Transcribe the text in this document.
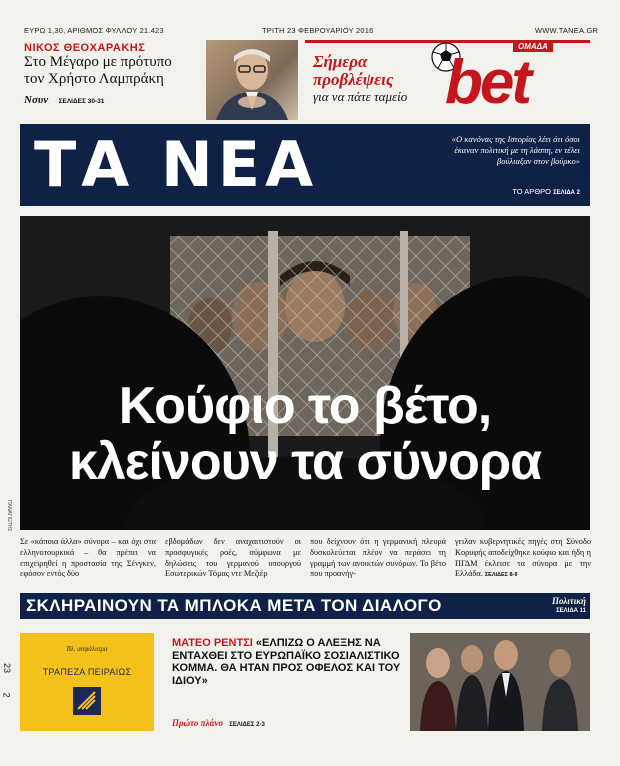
ΕΥΡΩ 1,30, ΑΡΙΘΜΟΣ ΦΥΛΛΟΥ 21.423	ΤΡΙΤΗ 23 ΦΕΒΡΟΥΑΡΙΟΥ 2016	WWW.TANEA.GR
ΝΙΚΟΣ ΘΕΟΧΑΡΑΚΗΣ
Στο Μέγαρο με πρότυπο
τον Χρήστο Λαμπράκη
Νσυν ΣΕΛΙΔΕΣ 30-31
Σήμερα
προβλέψεις
για να πάτε ταμείο
ΟΜΑΔΑ
bet
ΤΑ ΝΕΑ	«Ο κανόνας της Ιστορίας λέει ότι όσοι έκαναν πολιτική με τη λάσπη, εν τέλει βούλιαξαν στον βούρκο»
ΤΟ ΑΡΘΡΟ ΣΕΛΙΔΑ 2
Κούφιο το βέτο,
κλείνουν τα σύνορα
ΠΑΝΑΓΙΩΤΗΣ
Σε «κάποια άλλα» σύνορα – και όχι στα ελληνοτουρκικά – θα πρέπει να επιχειρηθεί η προστασία της Σένγκεν, εφόσον εντός δύο
εβδομάδων δεν αναχαιτιστούν οι προσφυγικές ροές, σύμφωνα με δηλώσεις του γερμανού υπουργού Εσωτερικών Τόμας ντε Μεζιέρ
που δείχνουν ότι η γερμανική πλευρά δυσκολεύεται πλέον να περάσει τη γραμμή των ανοικτών συνόρων. Το βέτο που προανήγ-
γειλαν κυβερνητικές πηγές στη Σύνοδο Κορυφής αποδείχθηκε κούφιο και ήδη η ΠΓΔΜ έκλεισε τα σύνορα με την Ελλάδα. ΣΕΛΙΔΕΣ 8-9
ΣΚΛΗΡΑΙΝΟΥΝ ΤΑ ΜΠΛΟΚΑ ΜΕΤΑ ΤΟΝ ΔΙΑΛΟΓΟ	Πολιτική
ΣΕΛΙΔΑ 11
23
2
Βλ. ασφάλισμα
ΤΡΑΠΕΖΑ ΠΕΙΡΑΙΩΣ
ΜΑΤΕΟ ΡΕΝΤΣΙ «ΕΛΠΙΖΩ Ο ΑΛΕΞΗΣ ΝΑ ΕΝΤΑΧΘΕΙ ΣΤΟ ΕΥΡΩΠΑΪΚΟ ΣΟΣΙΑΛΙΣΤΙΚΟ ΚΟΜΜΑ. ΘΑ ΗΤΑΝ ΠΡΟΣ ΟΦΕΛΟΣ ΚΑΙ ΤΟΥ ΙΔΙΟΥ»
Πρώτο πλάνο ΣΕΛΙΔΕΣ 2-3
